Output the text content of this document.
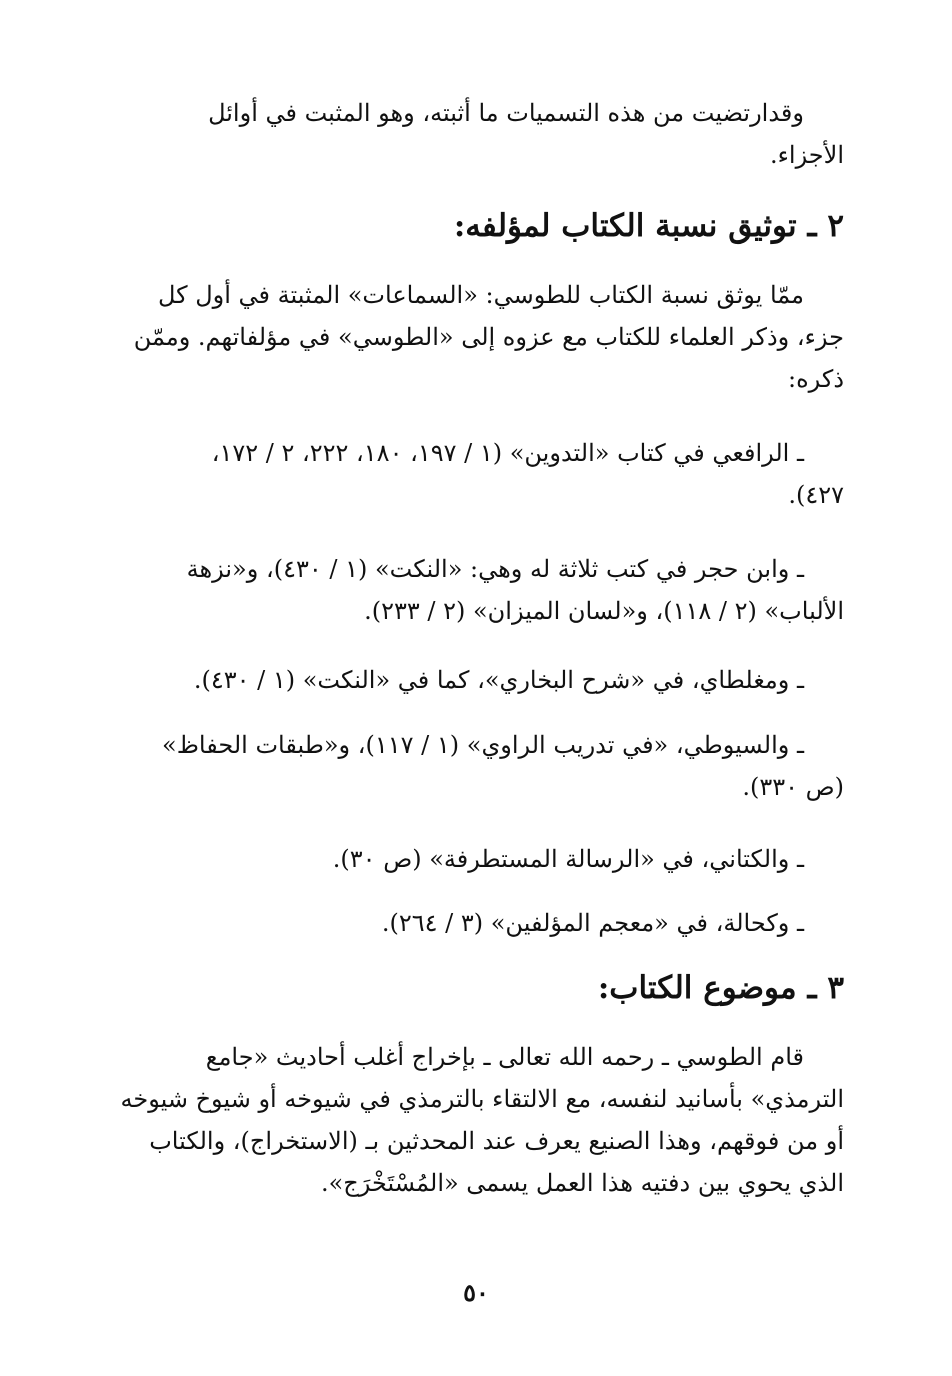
وقدارتضيت من هذه التسميات ما أثبته، وهو المثبت في أوائل
الأجزاء.
٢ ـ توثيق نسبة الكتاب لمؤلفه:
ممّا يوثق نسبة الكتاب للطوسي: «السماعات» المثبتة في أول كل
جزء، وذكر العلماء للكتاب مع عزوه إلى «الطوسي» في مؤلفاتهم. وممّن
ذكره:
ـ الرافعي في كتاب «التدوين» (١ / ١٩٧، ١٨٠، ٢٢٢، ٢ / ١٧٢،
٤٢٧).
ـ وابن حجر في كتب ثلاثة له وهي: «النكت» (١ / ٤٣٠)، و«نزهة
الألباب» (٢ / ١١٨)، و«لسان الميزان» (٢ / ٢٣٣).
ـ ومغلطاي، في «شرح البخاري»، كما في «النكت» (١ / ٤٣٠).
ـ والسيوطي، «في تدريب الراوي» (١ / ١١٧)، و«طبقات الحفاظ»
(ص ٣٣٠).
ـ والكتاني، في «الرسالة المستطرفة» (ص ٣٠).
ـ وكحالة، في «معجم المؤلفين» (٣ / ٢٦٤).
٣ ـ موضوع الكتاب:
قام الطوسي ـ رحمه الله تعالى ـ بإخراج أغلب أحاديث «جامع
الترمذي» بأسانيد لنفسه، مع الالتقاء بالترمذي في شيوخه أو شيوخ شيوخه
أو من فوقهم، وهذا الصنيع يعرف عند المحدثين بـ (الاستخراج)، والكتاب
الذي يحوي بين دفتيه هذا العمل يسمى «المُسْتَخْرَج».
٥٠
